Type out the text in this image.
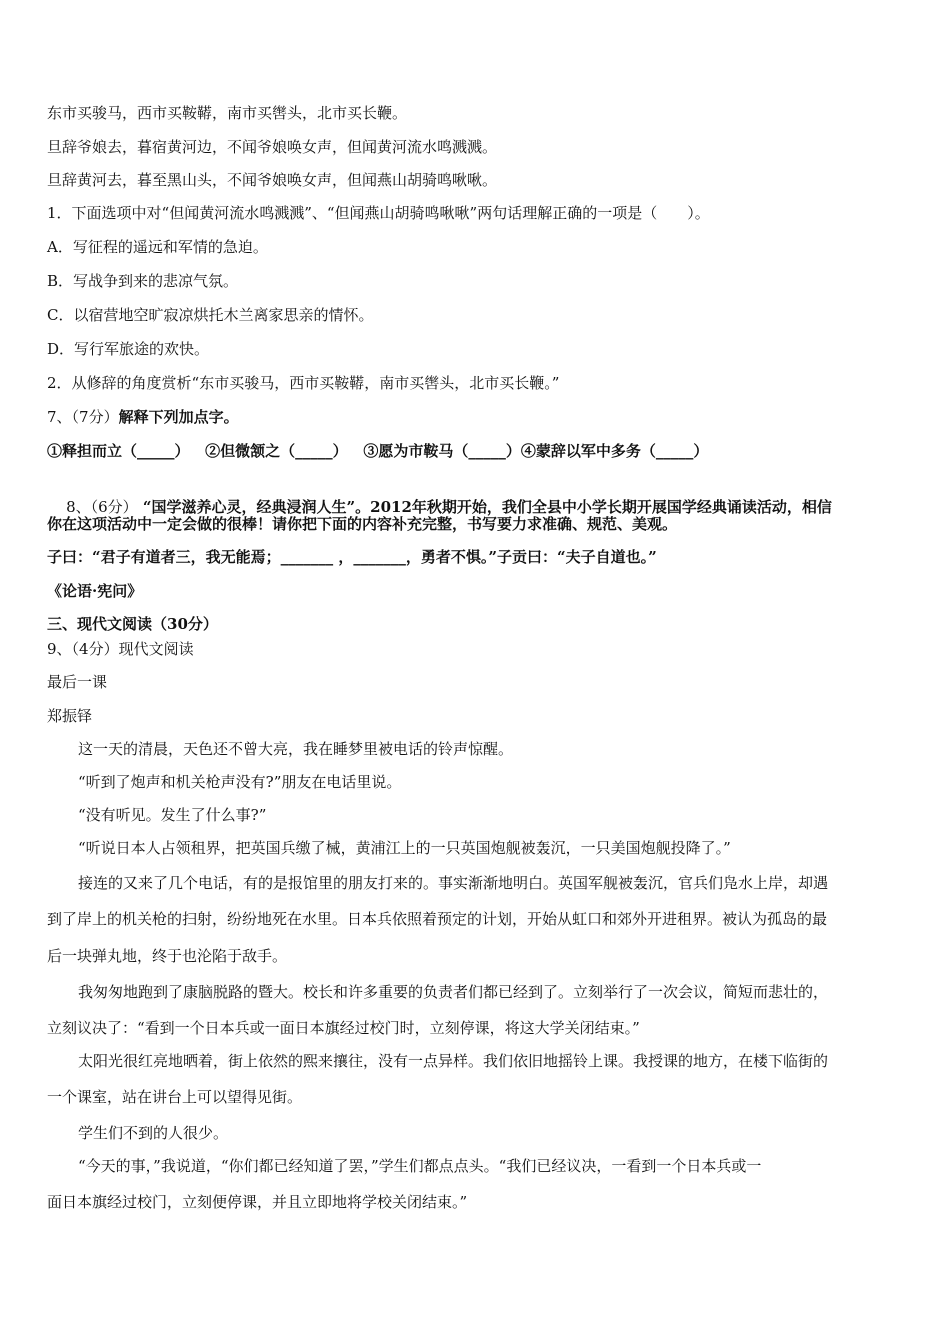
东市买骏马，西市买鞍鞯，南市买辔头，北市买长鞭。
旦辞爷娘去，暮宿黄河边，不闻爷娘唤女声，但闻黄河流水鸣溅溅。
旦辞黄河去，暮至黑山头，不闻爷娘唤女声，但闻燕山胡骑鸣啾啾。
1．下面选项中对“但闻黄河流水鸣溅溅”、“但闻燕山胡骑鸣啾啾”两句话理解正确的一项是（　　）。
A．写征程的遥远和军情的急迫。
B．写战争到来的悲凉气氛。
C．以宿营地空旷寂凉烘托木兰离家思亲的情怀。
D．写行军旅途的欢快。
2．从修辞的角度赏析“东市买骏马，西市买鞍鞯，南市买辔头，北市买长鞭。”
7、（7分）解释下列加点字。
①释担而立（_____）   ②但微颔之（_____）   ③愿为市鞍马（_____）④蒙辞以军中多务（_____）

8、（6分） “国学滋养心灵，经典浸润人生”。2012年秋期开始，我们全县中小学长期开展国学经典诵读活动，相信

你在这项活动中一定会做的很棒！请你把下面的内容补充完整，书写要力求准确、规范、美观。
子曰：“君子有道者三，我无能焉；_______ ，_______，勇者不惧。”子贡曰：“夫子自道也。”
《论语·宪问》
三、现代文阅读（30分）
9、（4分）现代文阅读
最后一课
郑振铎
这一天的清晨，天色还不曾大亮，我在睡梦里被电话的铃声惊醒。
“听到了炮声和机关枪声没有?”朋友在电话里说。
“没有听见。发生了什么事?”
“听说日本人占领租界，把英国兵缴了械，黄浦江上的一只英国炮舰被轰沉，一只美国炮舰投降了。”
接连的又来了几个电话，有的是报馆里的朋友打来的。事实渐渐地明白。英国军舰被轰沉，官兵们凫水上岸，却遇
到了岸上的机关枪的扫射，纷纷地死在水里。日本兵依照着预定的计划，开始从虹口和郊外开进租界。被认为孤岛的最
后一块弹丸地，终于也沦陷于敌手。
我匆匆地跑到了康脑脱路的暨大。校长和许多重要的负责者们都已经到了。立刻举行了一次会议，简短而悲壮的，
立刻议决了：“看到一个日本兵或一面日本旗经过校门时，立刻停课，将这大学关闭结束。”
太阳光很红亮地晒着，街上依然的熙来攘往，没有一点异样。我们依旧地摇铃上课。我授课的地方，在楼下临街的
一个课室，站在讲台上可以望得见街。
学生们不到的人很少。
“今天的事，”我说道，“你们都已经知道了罢，”学生们都点点头。“我们已经议决，一看到一个日本兵或一
面日本旗经过校门，立刻便停课，并且立即地将学校关闭结束。”
